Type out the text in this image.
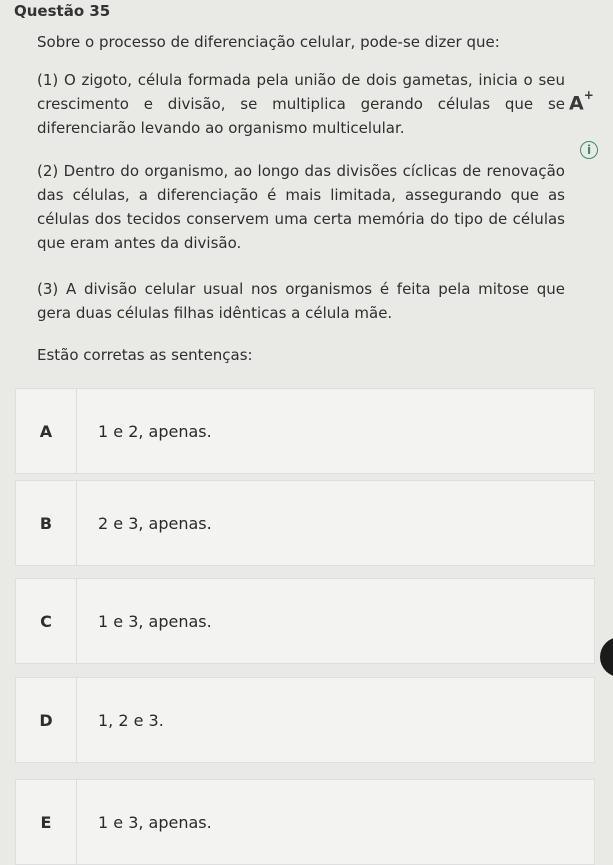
Questão 35
Sobre o processo de diferenciação celular, pode-se dizer que:
(1) O zigoto, célula formada pela união de dois gametas, inicia o seu crescimento e divisão, se multiplica gerando células que se diferenciarão levando ao organismo multicelular.
(2) Dentro do organismo, ao longo das divisões cíclicas de renovação das células, a diferenciação é mais limitada, assegurando que as células dos tecidos conservem uma certa memória do tipo de células que eram antes da divisão.
(3) A divisão celular usual nos organismos é feita pela mitose que gera duas células filhas idênticas a célula mãe.
Estão corretas as sentenças:
A+
i
A	1 e 2, apenas.
B	2 e 3, apenas.
C	1 e 3, apenas.
D	1, 2 e 3.
E	1 e 3, apenas.
